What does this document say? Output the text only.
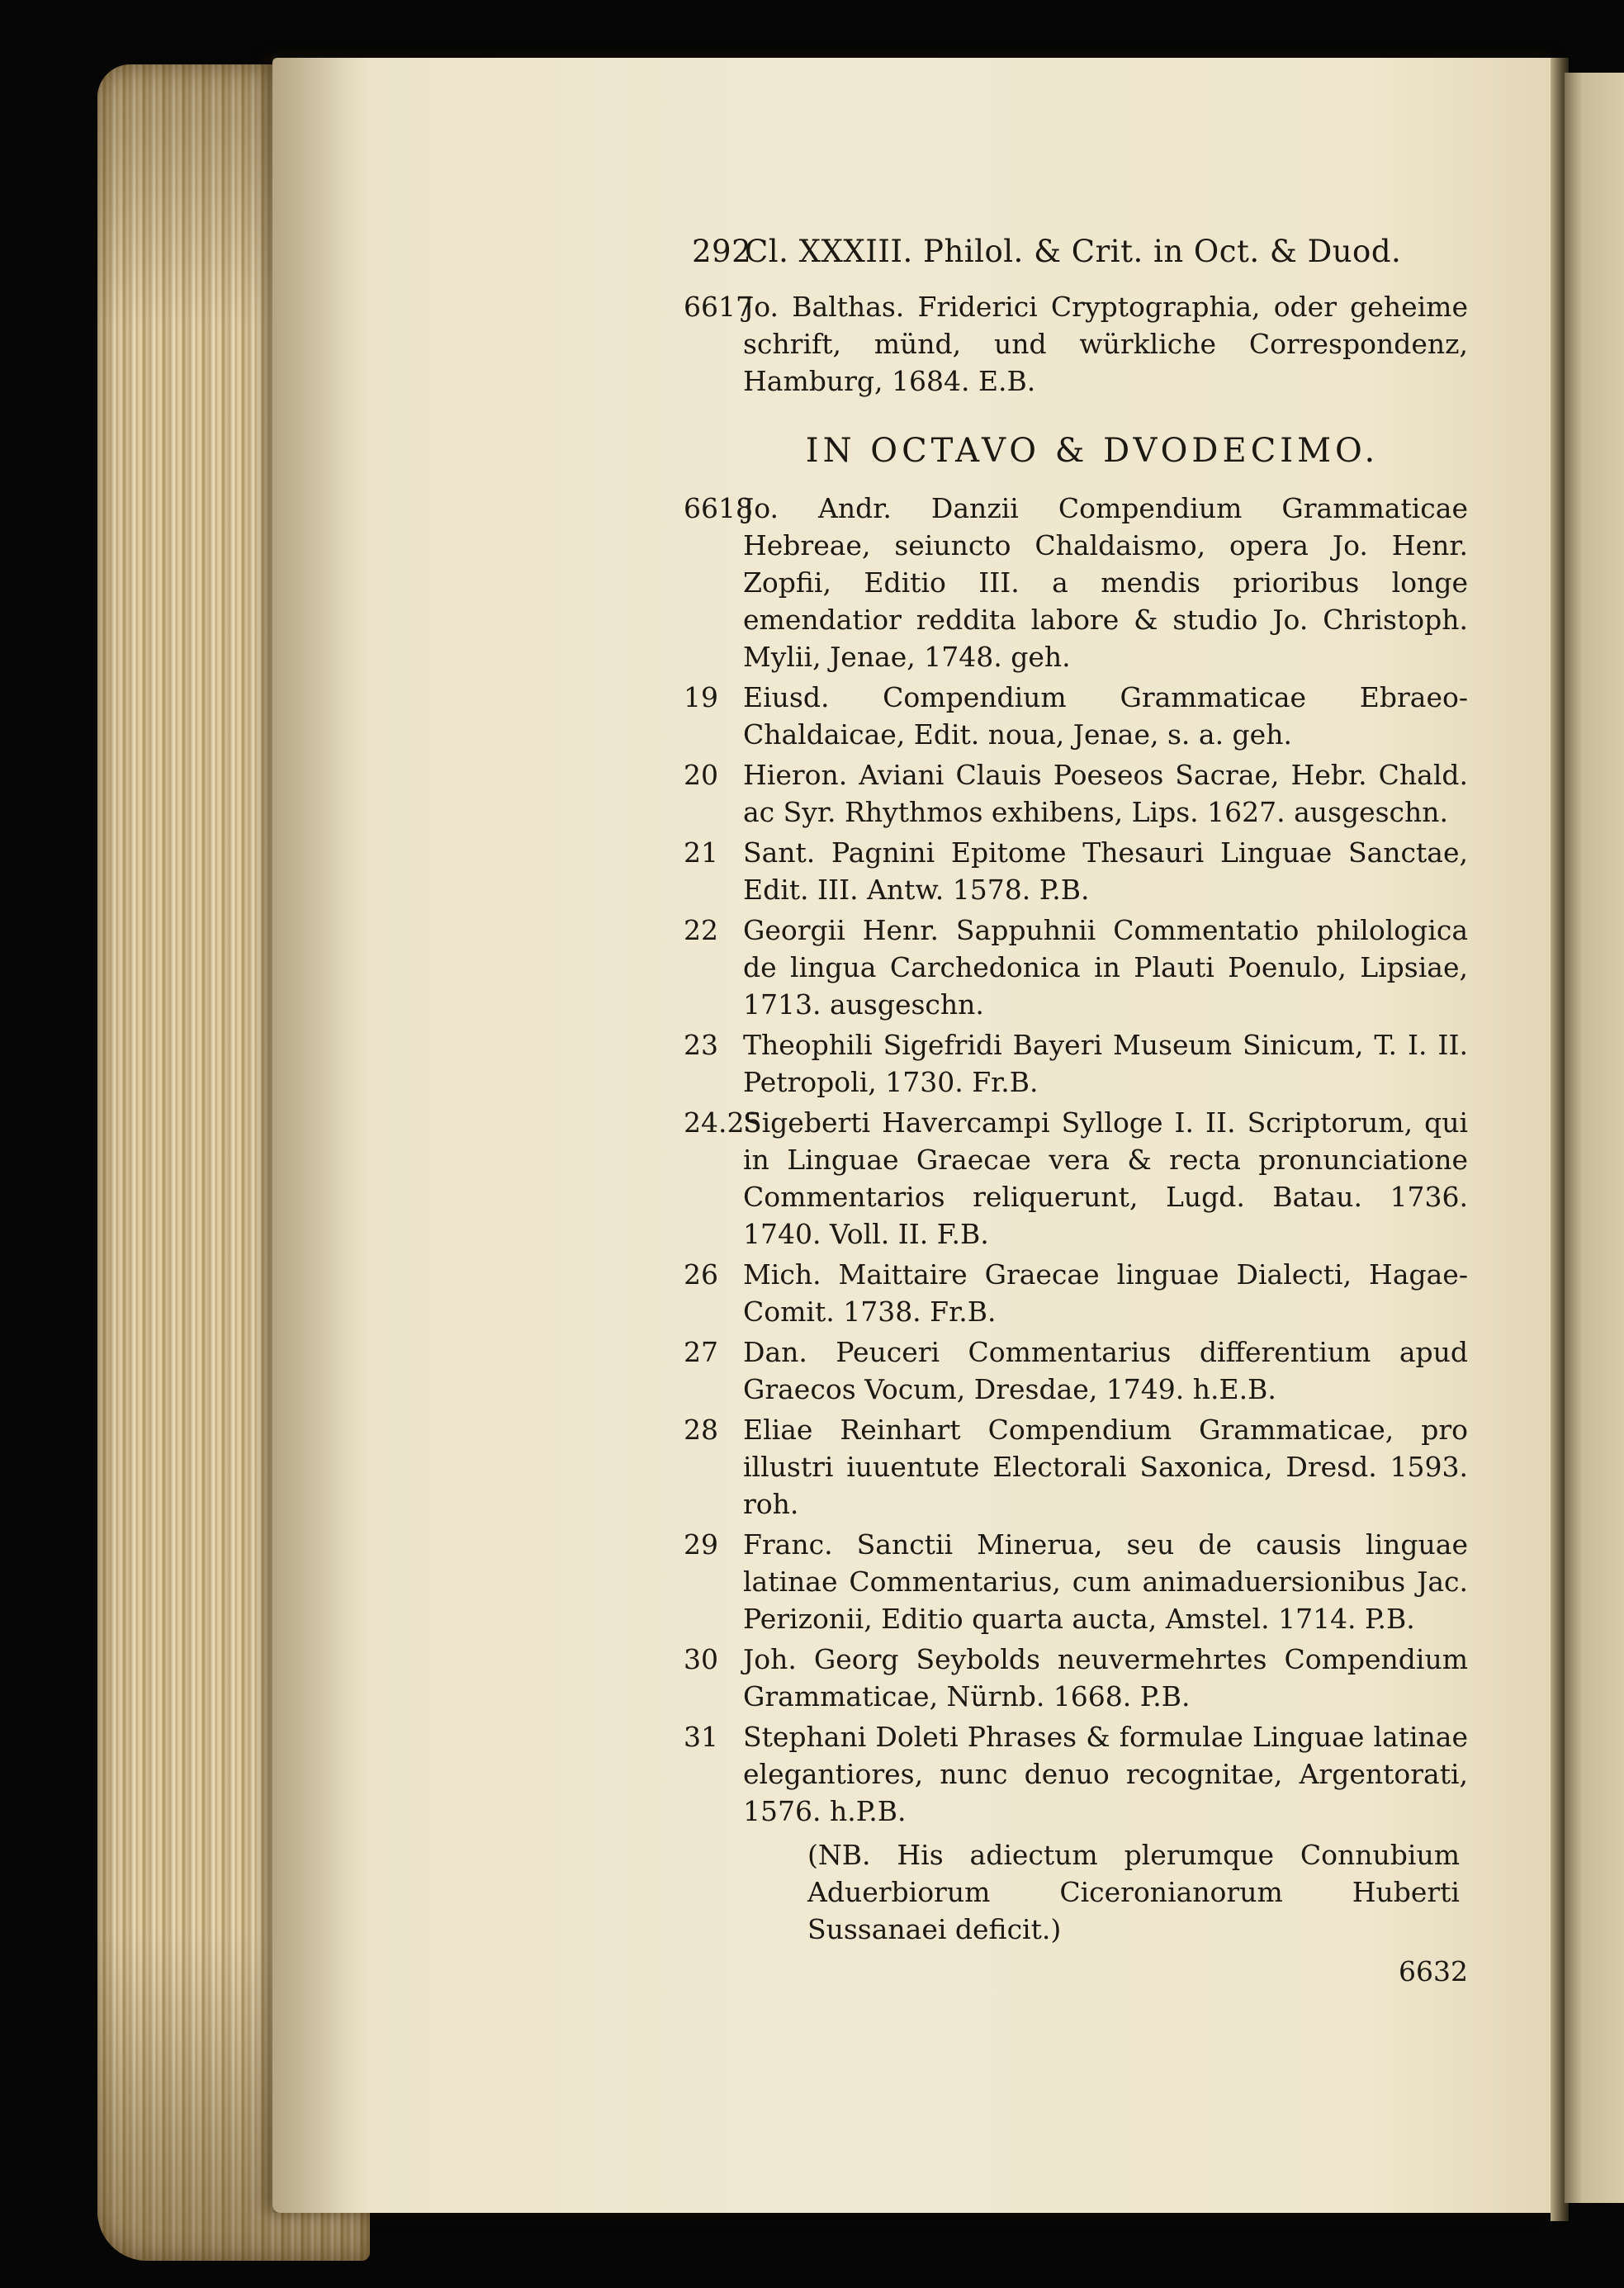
292
Cl. XXXIII. Philol. & Crit. in Oct. & Duod.
6617
Jo. Balthas. Friderici Cryptographia, oder geheime schrift, münd, und würkliche Correspondenz, Hamburg, 1684. E.B.
IN OCTAVO & DVODECIMO.
6618
Jo. Andr. Danzii Compendium Grammaticae Hebreae, seiuncto Chaldaismo, opera Jo. Henr. Zopfii, Editio III. a mendis prioribus longe emendatior reddita labore & studio Jo. Christoph. Mylii, Jenae, 1748. geh.
19 Eiusd. Compendium Grammaticae Ebraeo-Chaldaicae, Edit. noua, Jenae, s. a. geh.
20 Hieron. Aviani Clauis Poeseos Sacrae, Hebr. Chald. ac Syr. Rhythmos exhibens, Lips. 1627. ausgeschn.
21 Sant. Pagnini Epitome Thesauri Linguae Sanctae, Edit. III. Antw. 1578. P.B.
22 Georgii Henr. Sappuhnii Commentatio philologica de lingua Carchedonica in Plauti Poenulo, Lipsiae, 1713. ausgeschn.
23 Theophili Sigefridi Bayeri Museum Sinicum, T. I. II. Petropoli, 1730. Fr.B.
24.25
Sigeberti Havercampi Sylloge I. II. Scriptorum, qui in Linguae Graecae vera & recta pronunciatione Commentarios reliquerunt, Lugd. Batau. 1736. 1740. Voll. II. F.B.
26 Mich. Maittaire Graecae linguae Dialecti, Hagae-Comit. 1738. Fr.B.
27 Dan. Peuceri Commentarius differentium apud Graecos Vocum, Dresdae, 1749. h.E.B.
28 Eliae Reinhart Compendium Grammaticae, pro illustri iuuentute Electorali Saxonica, Dresd. 1593. roh.
29 Franc. Sanctii Minerua, seu de causis linguae latinae Commentarius, cum animaduersionibus Jac. Perizonii, Editio quarta aucta, Amstel. 1714. P.B.
30 Joh. Georg Seybolds neuvermehrtes Compendium Grammaticae, Nürnb. 1668. P.B.
31 Stephani Doleti Phrases & formulae Linguae latinae elegantiores, nunc denuo recognitae, Argentorati, 1576. h.P.B.
(NB. His adiectum plerumque Connubium Aduerbiorum Ciceronianorum Huberti Sussanaei deficit.)
6632
